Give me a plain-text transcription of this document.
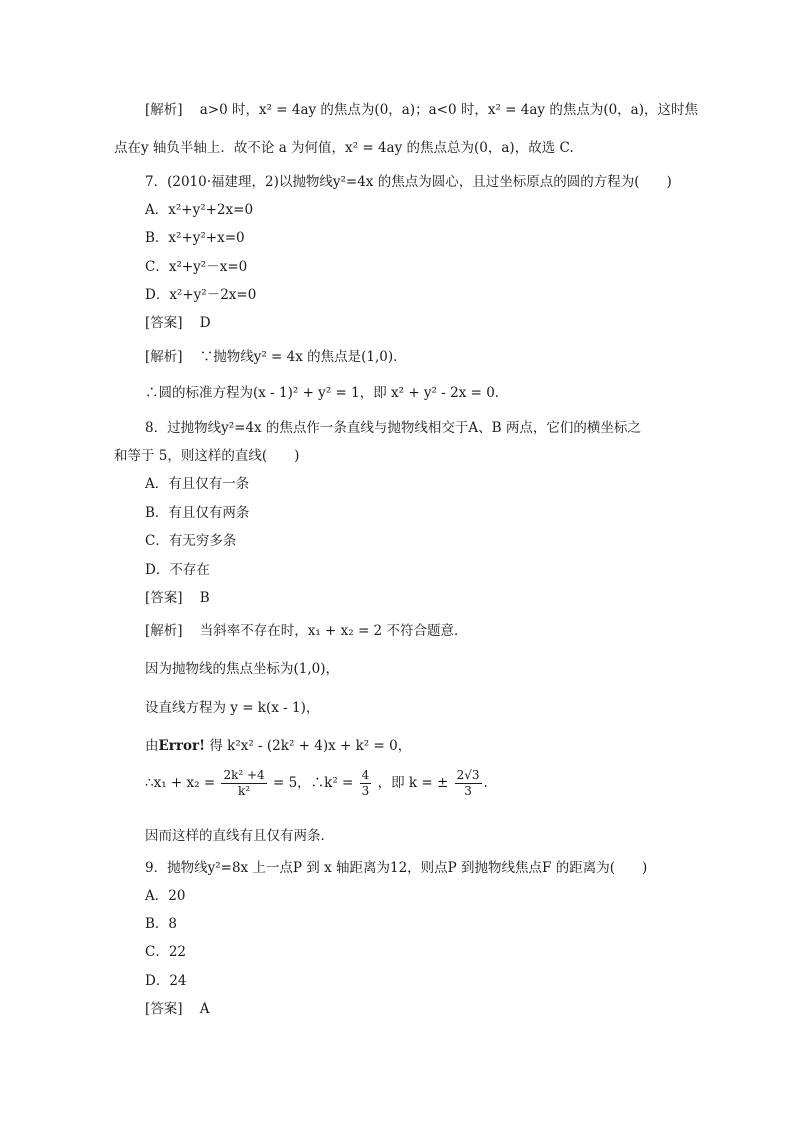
[解析] a>0 时，x² = 4ay 的焦点为(0，a)；a<0 时，x² = 4ay 的焦点为(0，a)，这时焦
点在y 轴负半轴上．故不论 a 为何值，x² = 4ay 的焦点总为(0，a)，故选 C.
7．(2010·福建理，2)以抛物线y²=4x 的焦点为圆心，且过坐标原点的圆的方程为(　　)
A．x²+y²+2x=0
B．x²+y²+x=0
C．x²+y²－x=0
D．x²+y²－2x=0
[答案] D
[解析] ∵抛物线y² = 4x 的焦点是(1,0)．
∴圆的标准方程为(x - 1)² + y² = 1，即 x² + y² - 2x = 0.
8．过抛物线y²=4x 的焦点作一条直线与抛物线相交于A、B 两点，它们的横坐标之
和等于 5，则这样的直线(　　)
A．有且仅有一条
B．有且仅有两条
C．有无穷多条
D．不存在
[答案] B
[解析] 当斜率不存在时，x₁ + x₂ = 2 不符合题意．
因为抛物线的焦点坐标为(1,0)，
设直线方程为 y = k(x - 1)，
由Error! 得 k²x² - (2k² + 4)x + k² = 0，
∴x₁ + $x_2 = \frac{\text{2k² +4}}{\text{k²}} = 5$，∴k² = $\frac{4}{3}$ ，即 k = ± $\frac{2√3}{3}$ .
因而这样的直线有且仅有两条．
9．抛物线y²=8x 上一点P 到 x 轴距离为12，则点P 到抛物线焦点F 的距离为(　　)
A．20
B．8
C．22
D．24
[答案] A
